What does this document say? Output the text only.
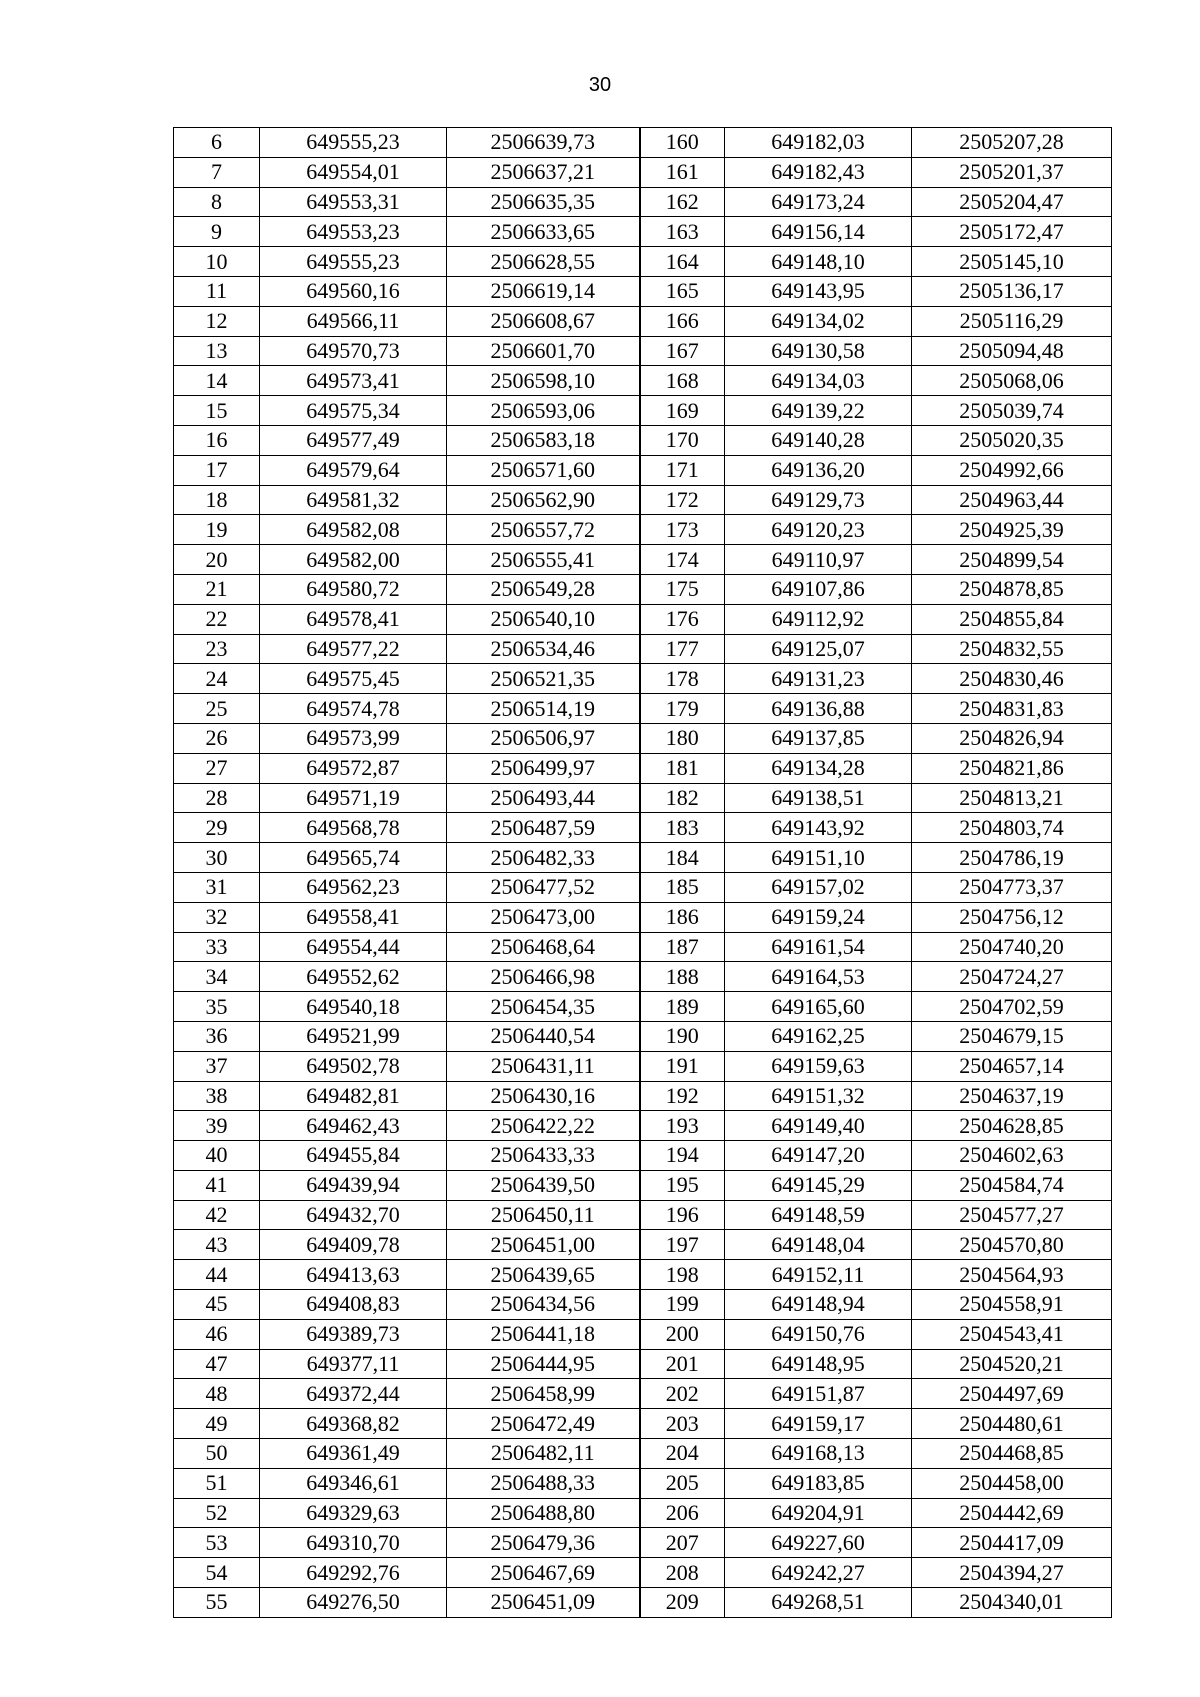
30
6	649555,23	2506639,73	160	649182,03	2505207,28
7	649554,01	2506637,21	161	649182,43	2505201,37
8	649553,31	2506635,35	162	649173,24	2505204,47
9	649553,23	2506633,65	163	649156,14	2505172,47
10	649555,23	2506628,55	164	649148,10	2505145,10
11	649560,16	2506619,14	165	649143,95	2505136,17
12	649566,11	2506608,67	166	649134,02	2505116,29
13	649570,73	2506601,70	167	649130,58	2505094,48
14	649573,41	2506598,10	168	649134,03	2505068,06
15	649575,34	2506593,06	169	649139,22	2505039,74
16	649577,49	2506583,18	170	649140,28	2505020,35
17	649579,64	2506571,60	171	649136,20	2504992,66
18	649581,32	2506562,90	172	649129,73	2504963,44
19	649582,08	2506557,72	173	649120,23	2504925,39
20	649582,00	2506555,41	174	649110,97	2504899,54
21	649580,72	2506549,28	175	649107,86	2504878,85
22	649578,41	2506540,10	176	649112,92	2504855,84
23	649577,22	2506534,46	177	649125,07	2504832,55
24	649575,45	2506521,35	178	649131,23	2504830,46
25	649574,78	2506514,19	179	649136,88	2504831,83
26	649573,99	2506506,97	180	649137,85	2504826,94
27	649572,87	2506499,97	181	649134,28	2504821,86
28	649571,19	2506493,44	182	649138,51	2504813,21
29	649568,78	2506487,59	183	649143,92	2504803,74
30	649565,74	2506482,33	184	649151,10	2504786,19
31	649562,23	2506477,52	185	649157,02	2504773,37
32	649558,41	2506473,00	186	649159,24	2504756,12
33	649554,44	2506468,64	187	649161,54	2504740,20
34	649552,62	2506466,98	188	649164,53	2504724,27
35	649540,18	2506454,35	189	649165,60	2504702,59
36	649521,99	2506440,54	190	649162,25	2504679,15
37	649502,78	2506431,11	191	649159,63	2504657,14
38	649482,81	2506430,16	192	649151,32	2504637,19
39	649462,43	2506422,22	193	649149,40	2504628,85
40	649455,84	2506433,33	194	649147,20	2504602,63
41	649439,94	2506439,50	195	649145,29	2504584,74
42	649432,70	2506450,11	196	649148,59	2504577,27
43	649409,78	2506451,00	197	649148,04	2504570,80
44	649413,63	2506439,65	198	649152,11	2504564,93
45	649408,83	2506434,56	199	649148,94	2504558,91
46	649389,73	2506441,18	200	649150,76	2504543,41
47	649377,11	2506444,95	201	649148,95	2504520,21
48	649372,44	2506458,99	202	649151,87	2504497,69
49	649368,82	2506472,49	203	649159,17	2504480,61
50	649361,49	2506482,11	204	649168,13	2504468,85
51	649346,61	2506488,33	205	649183,85	2504458,00
52	649329,63	2506488,80	206	649204,91	2504442,69
53	649310,70	2506479,36	207	649227,60	2504417,09
54	649292,76	2506467,69	208	649242,27	2504394,27
55	649276,50	2506451,09	209	649268,51	2504340,01
